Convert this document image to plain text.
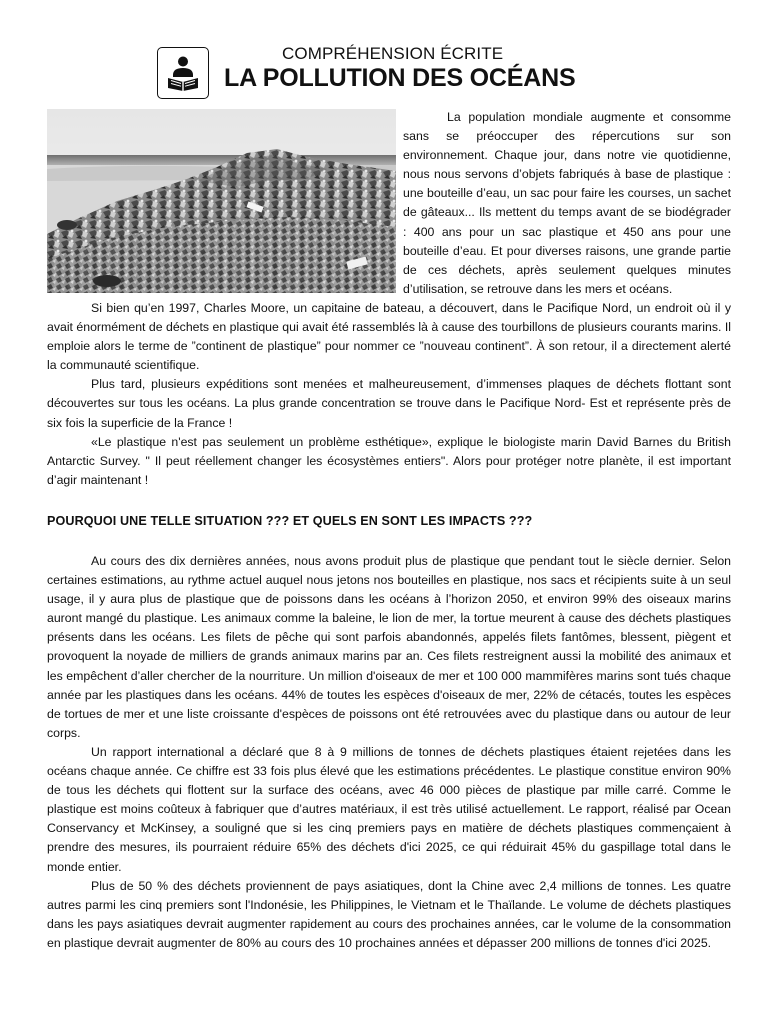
COMPRÉHENSION ÉCRITE
LA POLLUTION DES OCÉANS

La population mondiale augmente et consomme sans se préoccuper des répercutions sur son environnement. Chaque jour, dans notre vie quotidienne, nous nous servons d’objets fabriqués à base de plastique : une bouteille d’eau, un sac pour faire les courses, un sachet de gâteaux... Ils mettent du temps avant de se biodégrader : 400 ans pour un sac plastique et 450 ans pour une bouteille d’eau. Et pour diverses raisons, une grande partie de ces déchets, après seulement quelques minutes d’utilisation, se retrouve dans les mers et océans.

Si bien qu’en 1997, Charles Moore, un capitaine de bateau, a découvert, dans le Pacifique Nord, un endroit où il y avait énormément de déchets en plastique qui avait été rassemblés là à cause des tourbillons de plusieurs courants marins. Il emploie alors le terme de ”continent de plastique” pour nommer ce ”nouveau continent”. À son retour, il a directement alerté la communauté scientifique.

Plus tard, plusieurs expéditions sont menées et malheureusement, d’immenses plaques de déchets flottant sont découvertes sur tous les océans. La plus grande concentration se trouve dans le Pacifique Nord- Est et représente près de six fois la superficie de la France !

«Le plastique n'est pas seulement un problème esthétique», explique le biologiste marin David Barnes du British Antarctic Survey. " Il peut réellement changer les écosystèmes entiers". Alors pour protéger notre planète, il est important d’agir maintenant !

POURQUOI UNE TELLE SITUATION ??? ET QUELS EN SONT LES IMPACTS ???

Au cours des dix dernières années, nous avons produit plus de plastique que pendant tout le siècle dernier. Selon certaines estimations, au rythme actuel auquel nous jetons nos bouteilles en plastique, nos sacs et récipients suite à un seul usage, il y aura plus de plastique que de poissons dans les océans à l’horizon 2050, et environ 99% des oiseaux marins auront mangé du plastique. Les animaux comme la baleine, le lion de mer, la tortue meurent à cause des déchets plastiques présents dans les océans. Les filets de pêche qui sont parfois abandonnés, appelés filets fantômes, blessent, piègent et provoquent la noyade de milliers de grands animaux marins par an. Ces filets restreignent aussi la mobilité des animaux et les empêchent d’aller chercher de la nourriture. Un million d'oiseaux de mer et 100 000 mammifères marins sont tués chaque année par les plastiques dans les océans. 44% de toutes les espèces d'oiseaux de mer, 22% de cétacés, toutes les espèces de tortues de mer et une liste croissante d'espèces de poissons ont été retrouvées avec du plastique dans ou autour de leur corps.

Un rapport international a déclaré que 8 à 9 millions de tonnes de déchets plastiques étaient rejetées dans les océans chaque année. Ce chiffre est 33 fois plus élevé que les estimations précédentes. Le plastique constitue environ 90% de tous les déchets qui flottent sur la surface des océans, avec 46 000 pièces de plastique par mille carré. Comme le plastique est moins coûteux à fabriquer que d’autres matériaux, il est très utilisé actuellement. Le rapport, réalisé par Ocean Conservancy et McKinsey, a souligné que si les cinq premiers pays en matière de déchets plastiques commençaient à prendre des mesures, ils pourraient réduire 65% des déchets d'ici 2025, ce qui réduirait 45% du gaspillage total dans le monde entier.

Plus de 50 % des déchets proviennent de pays asiatiques, dont la Chine avec 2,4 millions de tonnes. Les quatre autres parmi les cinq premiers sont l'Indonésie, les Philippines, le Vietnam et le Thaïlande. Le volume de déchets plastiques dans les pays asiatiques devrait augmenter rapidement au cours des prochaines années, car le volume de la consommation en plastique devrait augmenter de 80% au cours des 10 prochaines années et dépasser 200 millions de tonnes d'ici 2025.
